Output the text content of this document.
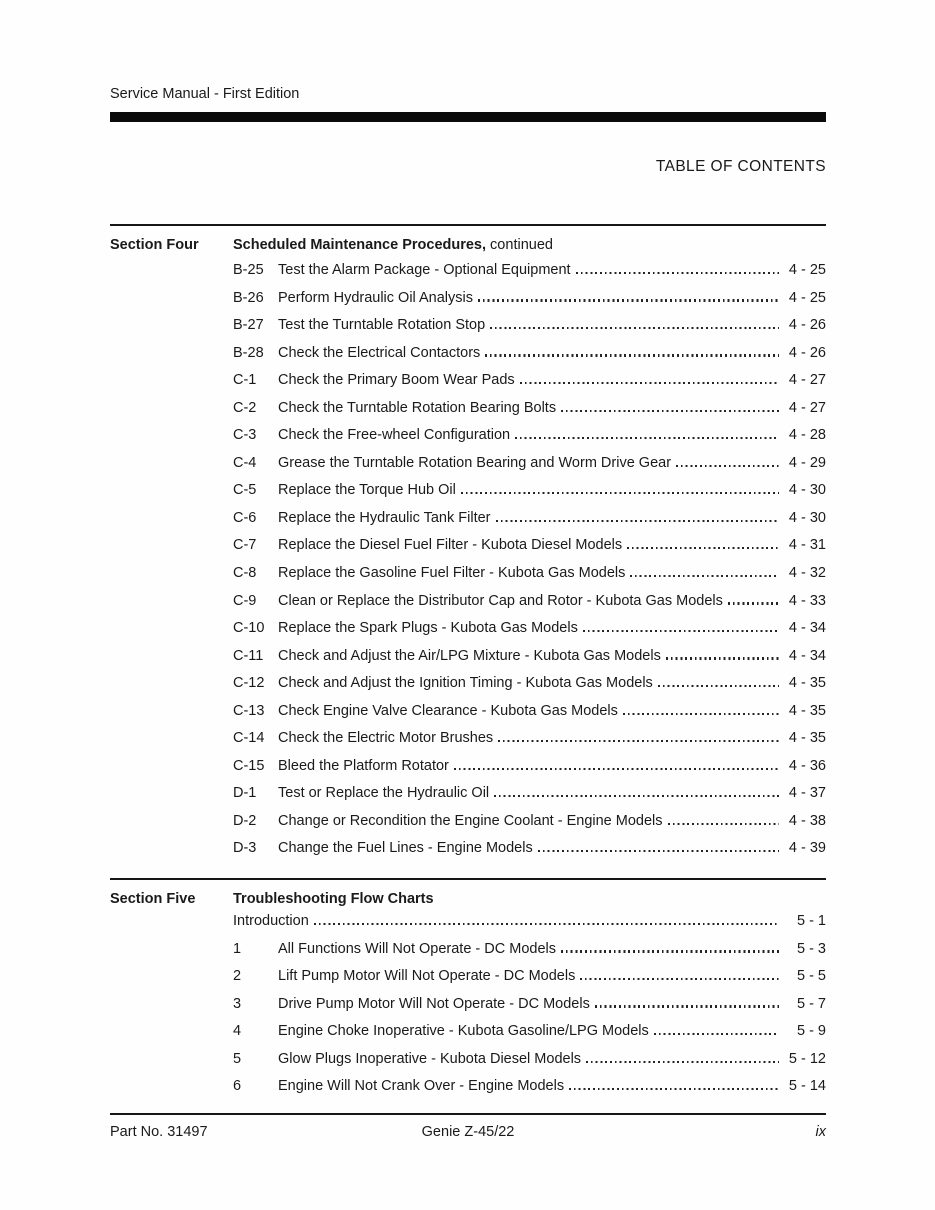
Service Manual - First Edition
TABLE OF CONTENTS
Section Four	Scheduled Maintenance Procedures, continued
B-25 Test the Alarm Package - Optional Equipment	4 - 25
B-26 Perform Hydraulic Oil Analysis	4 - 25
B-27 Test the Turntable Rotation Stop	4 - 26
B-28 Check the Electrical Contactors	4 - 26
C-1	Check the Primary Boom Wear Pads	4 - 27
C-2	Check the Turntable Rotation Bearing Bolts	4 - 27
C-3	Check the Free-wheel Configuration	4 - 28
C-4	Grease the Turntable Rotation Bearing and Worm Drive Gear	4 - 29
C-5	Replace the Torque Hub Oil	4 - 30
C-6	Replace the Hydraulic Tank Filter	4 - 30
C-7	Replace the Diesel Fuel Filter - Kubota Diesel Models	4 - 31
C-8	Replace the Gasoline Fuel Filter - Kubota Gas Models	4 - 32
C-9	Clean or Replace the Distributor Cap and Rotor - Kubota Gas Models	4 - 33
C-10 Replace the Spark Plugs - Kubota Gas Models	4 - 34
C-11	Check and Adjust the Air/LPG Mixture - Kubota Gas Models	4 - 34
C-12 Check and Adjust the Ignition Timing - Kubota Gas Models	4 - 35
C-13 Check Engine Valve Clearance - Kubota Gas Models	4 - 35
C-14 Check the Electric Motor Brushes	4 - 35
C-15 Bleed the Platform Rotator	4 - 36
D-1	Test or Replace the Hydraulic Oil	4 - 37
D-2	Change or Recondition the Engine Coolant - Engine Models	4 - 38
D-3	Change the Fuel Lines - Engine Models	4 - 39
Section Five	Troubleshooting Flow Charts
Introduction	5 - 1
1	All Functions Will Not Operate - DC Models	5 - 3
2	Lift Pump Motor Will Not Operate - DC Models	5 - 5
3	Drive Pump Motor Will Not Operate - DC Models	5 - 7
4	Engine Choke Inoperative - Kubota Gasoline/LPG Models	5 - 9
5	Glow Plugs Inoperative - Kubota Diesel Models	5 - 12
6	Engine Will Not Crank Over - Engine Models	5 - 14
Part No. 31497	Genie Z-45/22	ix
